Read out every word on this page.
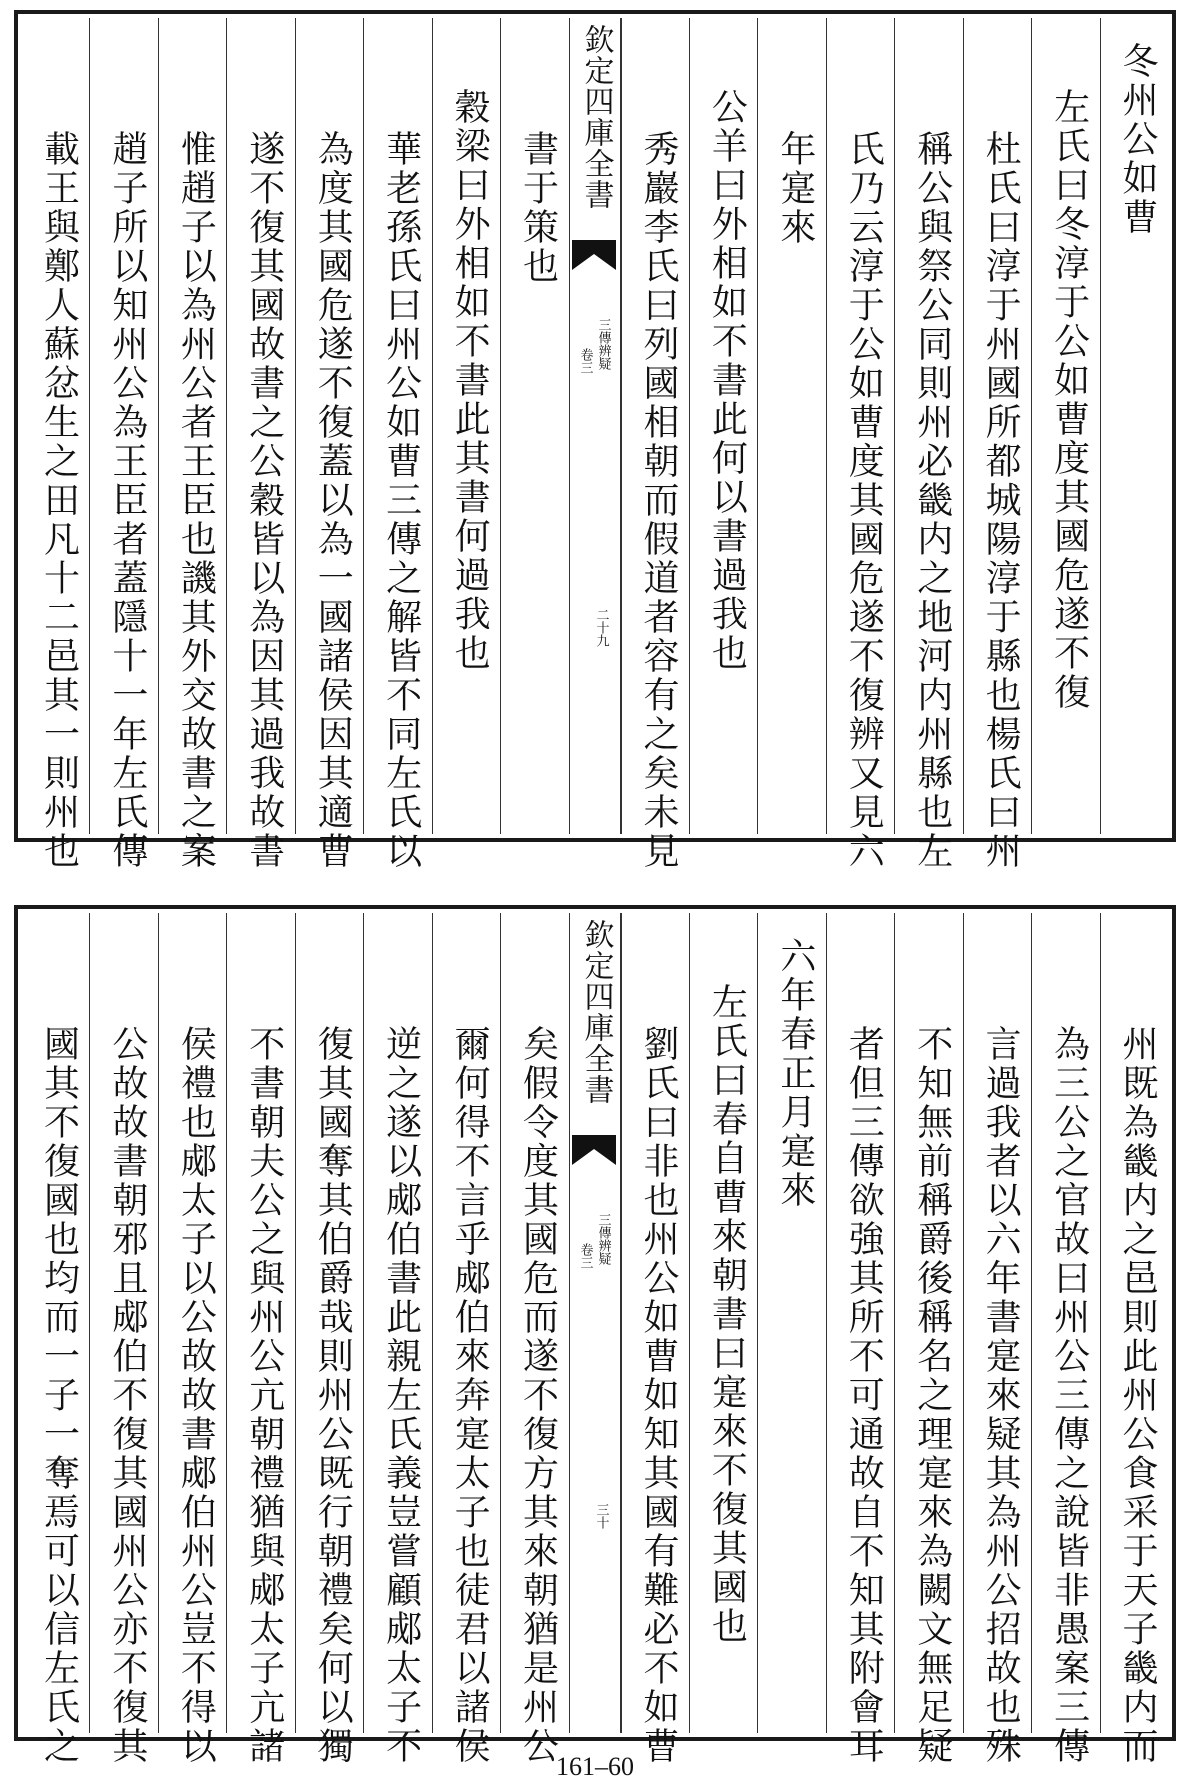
冬州公如曹
左氏曰冬淳于公如曹度其國危遂不復
杜氏曰淳于州國所都城陽淳于縣也楊氏曰州
稱公與祭公同則州必畿内之地河内州縣也左
氏乃云淳于公如曹度其國危遂不復辨又見六
年寔來
公羊曰外相如不書此何以書過我也
秀巖李氏曰列國相朝而假道者容有之矣未見
欽定四庫全書
三傳辨疑
卷三
二十九
書于策也
穀梁曰外相如不書此其書何過我也
華老孫氏曰州公如曹三傳之解皆不同左氏以
為度其國危遂不復蓋以為一國諸侯因其適曹
遂不復其國故書之公穀皆以為因其過我故書
惟趙子以為州公者王臣也譏其外交故書之案
趙子所以知州公為王臣者蓋隱十一年左氏傳
載王與鄭人蘇忿生之田凡十二邑其一則州也
州既為畿内之邑則此州公食采于天子畿内而
為三公之官故曰州公三傳之說皆非愚案三傳
言過我者以六年書寔來疑其為州公招故也殊
不知無前稱爵後稱名之理寔來為闕文無足疑
者但三傳欲強其所不可通故自不知其附會耳
六年春正月寔來
左氏曰春自曹來朝書曰寔來不復其國也
劉氏曰非也州公如曹如知其國有難必不如曹
欽定四庫全書
三傳辨疑
卷三
三十
矣假令度其國危而遂不復方其來朝猶是州公
爾何得不言乎郕伯來奔寔太子也徒君以諸侯
逆之遂以郕伯書此親左氏義豈嘗顧郕太子不
復其國奪其伯爵哉則州公既行朝禮矣何以獨
不書朝夫公之與州公亢朝禮猶與郕太子亢諸
侯禮也郕太子以公故故書郕伯州公豈不得以
公故故書朝邪且郕伯不復其國州公亦不復其
國其不復國也均而一子一奪焉可以信左氏之
161–60
